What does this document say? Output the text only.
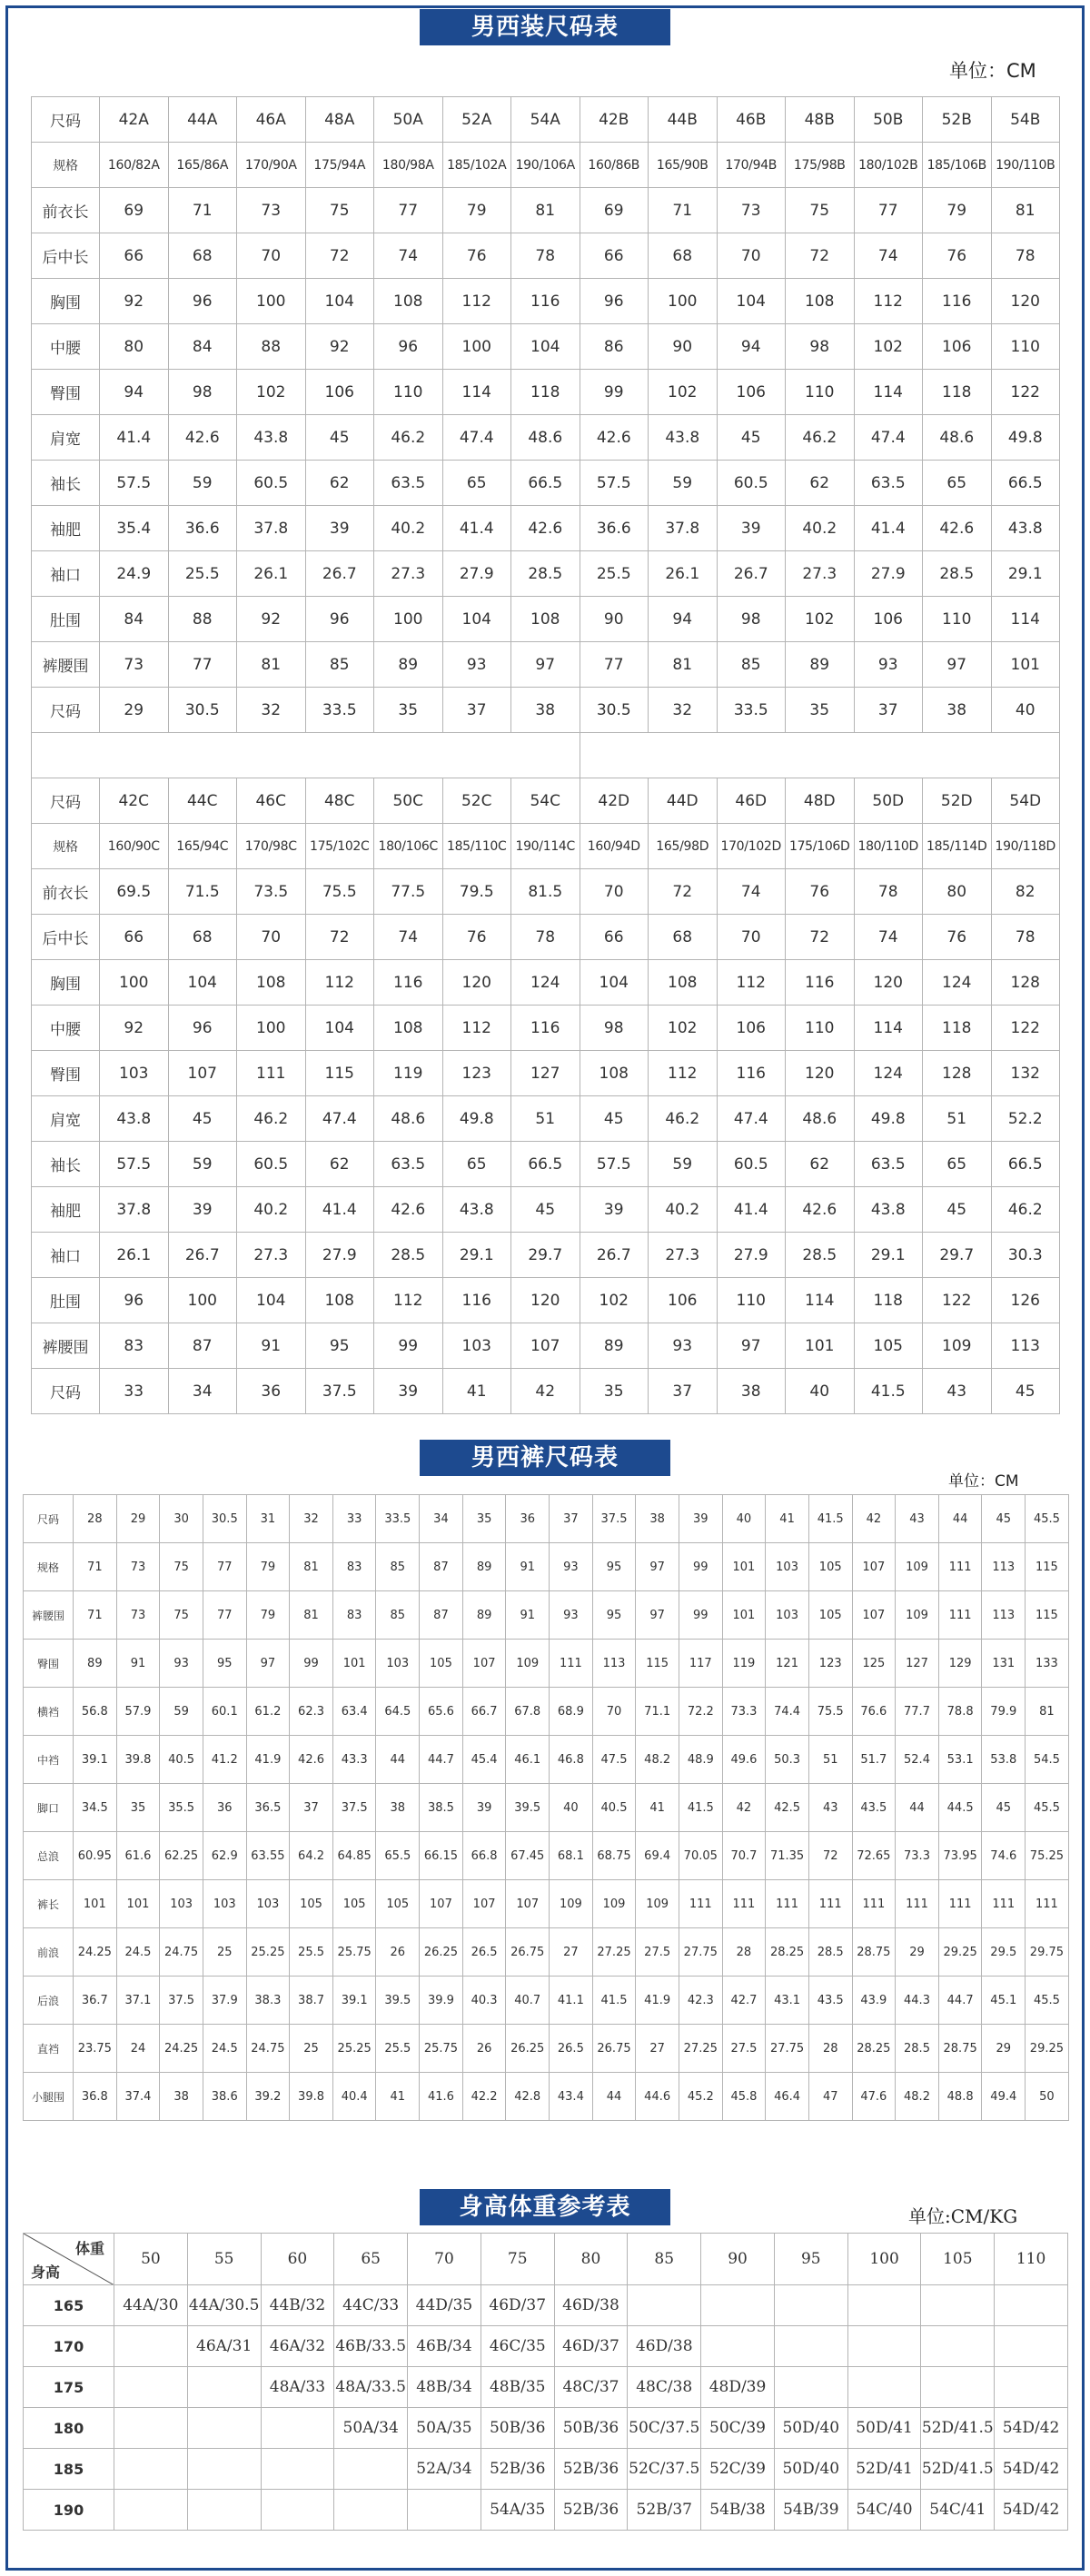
男西装尺码表
单位：CM
尺码	42A	44A	46A	48A	50A	52A	54A	42B	44B	46B	48B	50B	52B	54B
规格	160/82A	165/86A	170/90A	175/94A	180/98A	185/102A	190/106A	160/86B	165/90B	170/94B	175/98B	180/102B	185/106B	190/110B
前衣长	69	71	73	75	77	79	81	69	71	73	75	77	79	81
后中长	66	68	70	72	74	76	78	66	68	70	72	74	76	78
胸围	92	96	100	104	108	112	116	96	100	104	108	112	116	120
中腰	80	84	88	92	96	100	104	86	90	94	98	102	106	110
臀围	94	98	102	106	110	114	118	99	102	106	110	114	118	122
肩宽	41.4	42.6	43.8	45	46.2	47.4	48.6	42.6	43.8	45	46.2	47.4	48.6	49.8
袖长	57.5	59	60.5	62	63.5	65	66.5	57.5	59	60.5	62	63.5	65	66.5
袖肥	35.4	36.6	37.8	39	40.2	41.4	42.6	36.6	37.8	39	40.2	41.4	42.6	43.8
袖口	24.9	25.5	26.1	26.7	27.3	27.9	28.5	25.5	26.1	26.7	27.3	27.9	28.5	29.1
肚围	84	88	92	96	100	104	108	90	94	98	102	106	110	114
裤腰围	73	77	81	85	89	93	97	77	81	85	89	93	97	101
尺码	29	30.5	32	33.5	35	37	38	30.5	32	33.5	35	37	38	40

尺码	42C	44C	46C	48C	50C	52C	54C	42D	44D	46D	48D	50D	52D	54D
规格	160/90C	165/94C	170/98C	175/102C	180/106C	185/110C	190/114C	160/94D	165/98D	170/102D	175/106D	180/110D	185/114D	190/118D
前衣长	69.5	71.5	73.5	75.5	77.5	79.5	81.5	70	72	74	76	78	80	82
后中长	66	68	70	72	74	76	78	66	68	70	72	74	76	78
胸围	100	104	108	112	116	120	124	104	108	112	116	120	124	128
中腰	92	96	100	104	108	112	116	98	102	106	110	114	118	122
臀围	103	107	111	115	119	123	127	108	112	116	120	124	128	132
肩宽	43.8	45	46.2	47.4	48.6	49.8	51	45	46.2	47.4	48.6	49.8	51	52.2
袖长	57.5	59	60.5	62	63.5	65	66.5	57.5	59	60.5	62	63.5	65	66.5
袖肥	37.8	39	40.2	41.4	42.6	43.8	45	39	40.2	41.4	42.6	43.8	45	46.2
袖口	26.1	26.7	27.3	27.9	28.5	29.1	29.7	26.7	27.3	27.9	28.5	29.1	29.7	30.3
肚围	96	100	104	108	112	116	120	102	106	110	114	118	122	126
裤腰围	83	87	91	95	99	103	107	89	93	97	101	105	109	113
尺码	33	34	36	37.5	39	41	42	35	37	38	40	41.5	43	45
男西裤尺码表
单位：CM
尺码	28	29	30	30.5	31	32	33	33.5	34	35	36	37	37.5	38	39	40	41	41.5	42	43	44	45	45.5
规格	71	73	75	77	79	81	83	85	87	89	91	93	95	97	99	101	103	105	107	109	111	113	115
裤腰围	71	73	75	77	79	81	83	85	87	89	91	93	95	97	99	101	103	105	107	109	111	113	115
臀围	89	91	93	95	97	99	101	103	105	107	109	111	113	115	117	119	121	123	125	127	129	131	133
横裆	56.8	57.9	59	60.1	61.2	62.3	63.4	64.5	65.6	66.7	67.8	68.9	70	71.1	72.2	73.3	74.4	75.5	76.6	77.7	78.8	79.9	81
中裆	39.1	39.8	40.5	41.2	41.9	42.6	43.3	44	44.7	45.4	46.1	46.8	47.5	48.2	48.9	49.6	50.3	51	51.7	52.4	53.1	53.8	54.5
脚口	34.5	35	35.5	36	36.5	37	37.5	38	38.5	39	39.5	40	40.5	41	41.5	42	42.5	43	43.5	44	44.5	45	45.5
总浪	60.95	61.6	62.25	62.9	63.55	64.2	64.85	65.5	66.15	66.8	67.45	68.1	68.75	69.4	70.05	70.7	71.35	72	72.65	73.3	73.95	74.6	75.25
裤长	101	101	103	103	103	105	105	105	107	107	107	109	109	109	111	111	111	111	111	111	111	111	111
前浪	24.25	24.5	24.75	25	25.25	25.5	25.75	26	26.25	26.5	26.75	27	27.25	27.5	27.75	28	28.25	28.5	28.75	29	29.25	29.5	29.75
后浪	36.7	37.1	37.5	37.9	38.3	38.7	39.1	39.5	39.9	40.3	40.7	41.1	41.5	41.9	42.3	42.7	43.1	43.5	43.9	44.3	44.7	45.1	45.5
直裆	23.75	24	24.25	24.5	24.75	25	25.25	25.5	25.75	26	26.25	26.5	26.75	27	27.25	27.5	27.75	28	28.25	28.5	28.75	29	29.25
小腿围	36.8	37.4	38	38.6	39.2	39.8	40.4	41	41.6	42.2	42.8	43.4	44	44.6	45.2	45.8	46.4	47	47.6	48.2	48.8	49.4	50
身高体重参考表	单位:CM/KG
体重
身高	50	55	60	65	70	75	80	85	90	95	100	105	110
165	44A/30	44A/30.5	44B/32	44C/33	44D/35	46D/37	46D/38						
170		46A/31	46A/32	46B/33.5	46B/34	46C/35	46D/37	46D/38					
175			48A/33	48A/33.5	48B/34	48B/35	48C/37	48C/38	48D/39				
180				50A/34	50A/35	50B/36	50B/36	50C/37.5	50C/39	50D/40	50D/41	52D/41.5	54D/42
185					52A/34	52B/36	52B/36	52C/37.5	52C/39	50D/40	52D/41	52D/41.5	54D/42
190						54A/35	52B/36	52B/37	54B/38	54B/39	54C/40	54C/41	54D/42
